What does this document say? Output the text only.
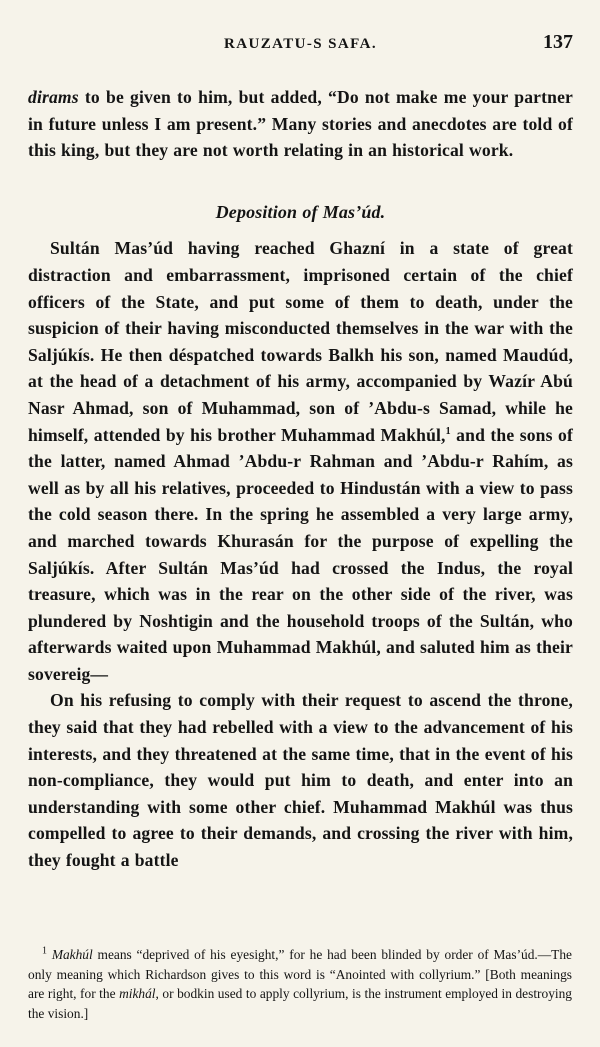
RAUZATU-S SAFA.	137

dirams to be given to him, but added, “Do not make me your partner in future unless I am present.” Many stories and anecdotes are told of this king, but they are not worth relating in an historical work.

Deposition of Mas’úd.

Sultán Mas’úd having reached Ghazní in a state of great distraction and embarrassment, imprisoned certain of the chief officers of the State, and put some of them to death, under the suspicion of their having misconducted themselves in the war with the Saljúkís. He then déspatched towards Balkh his son, named Maudúd, at the head of a detachment of his army, accompanied by Wazír Abú Nasr Ahmad, son of Muhammad, son of ’Abdu-s Samad, while he himself, attended by his brother Muhammad Makhúl,$^1$ and the sons of the latter, named Ahmad ’Abdu-r Rahman and ’Abdu-r Rahím, as well as by all his relatives, proceeded to Hindustán with a view to pass the cold season there. In the spring he assembled a very large army, and marched towards Khurasán for the purpose of expelling the Saljúkís. After Sultán Mas’úd had crossed the Indus, the royal treasure, which was in the rear on the other side of the river, was plundered by Noshtigin and the household troops of the Sultán, who afterwards waited upon Muhammad Makhúl, and saluted him as their sovereig—

On his refusing to comply with their request to ascend the throne, they said that they had rebelled with a view to the advancement of his interests, and they threatened at the same time, that in the event of his non-compliance, they would put him to death, and enter into an understanding with some other chief. Muhammad Makhúl was thus compelled to agree to their demands, and crossing the river with him, they fought a battle

$^1$ Makhúl means “deprived of his eyesight,” for he had been blinded by order of Mas’úd.—The only meaning which Richardson gives to this word is “Anointed with collyrium.” [Both meanings are right, for the mikhál, or bodkin used to apply collyrium, is the instrument employed in destroying the vision.]
